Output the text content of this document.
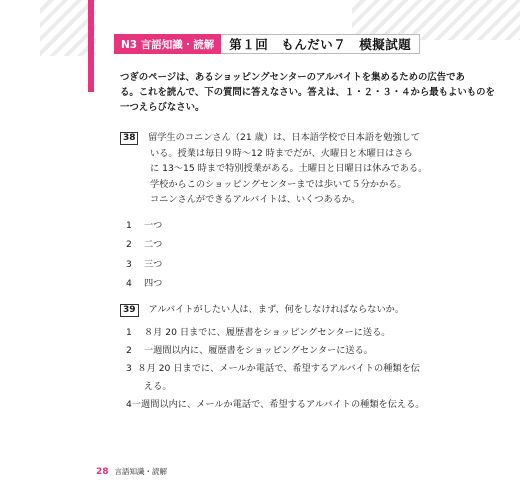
N3 言語知識・読解	第１回　もんだい７　模擬試題
つぎのページは、あるショッピングセンターのアルバイトを集めるための広告であ
る。これを読んで、下の質問に答えなさい。答えは、１・２・３・４から最もよいものを
一つえらびなさい。
38 留学生のコニンさん（21 歳）は、日本語学校で日本語を勉強して
いる。授業は毎日９時～12 時までだが、火曜日と木曜日はさら
に 13～15 時まで特別授業がある。土曜日と日曜日は休みである。
学校からこのショッピングセンターまでは歩いて５分かかる。
コニンさんができるアルバイトは、いくつあるか。
1	一つ
2	二つ
3	三つ
4	四つ
39	アルバイトがしたい人は、まず、何をしなければならないか。
1	８月 20 日までに、履歴書をショッピングセンターに送る。
2	一週間以内に、履歴書をショッピングセンターに送る。
3 ８月 20 日までに、メールか電話で、希望するアルバイトの種類を伝
える。
4 一週間以内に、メールか電話で、希望するアルバイトの種類を伝える。
28 言語知識・読解
